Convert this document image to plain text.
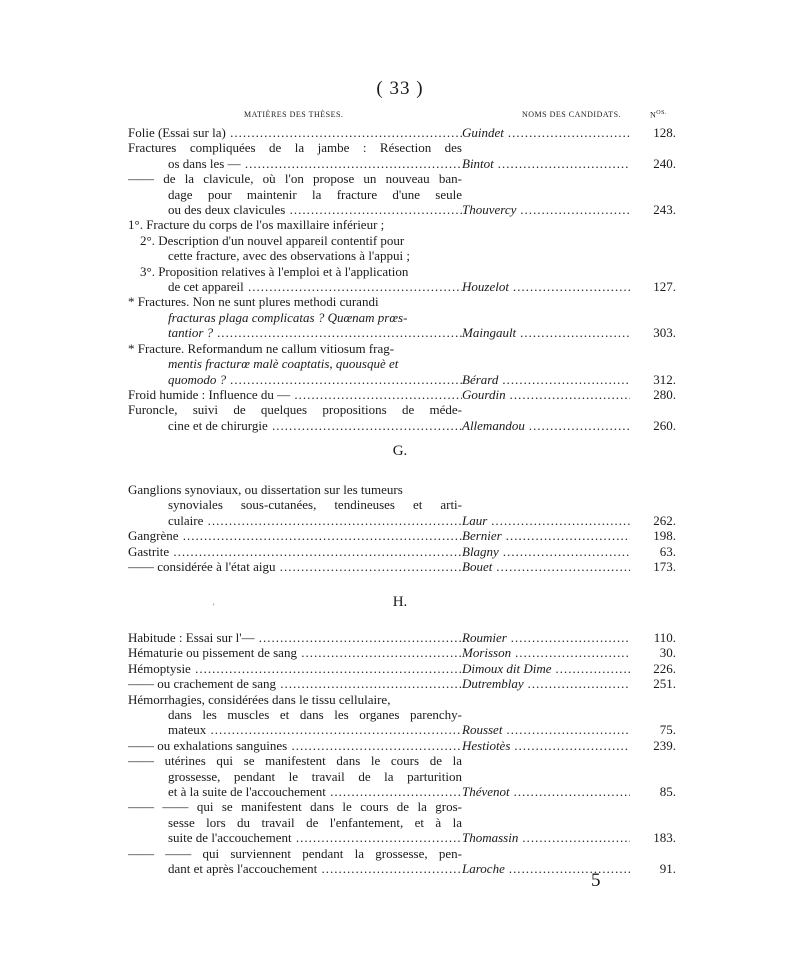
( 33 )
MATIÈRES DES THÈSES.	NOMS DES CANDIDATS.	$N^{OS.}$
Folie (Essai sur la) .....	Guindet .....	128.
Fractures compliquées de la jambe : Résection des
os dans les — .....	Bintot .....	240.
—— de la clavicule, où l'on propose un nouveau ban-
dage pour maintenir la fracture d'une seule
ou des deux clavicules .....	Thouvercy .....	243.
1°. Fracture du corps de l'os maxillaire inférieur ;
2°. Description d'un nouvel appareil contentif pour
cette fracture, avec des observations à l'appui ;
3°. Proposition relatives à l'emploi et à l'application
de cet appareil .....	Houzelot .....	127.
* Fractures. Non ne sunt plures methodi curandi
fracturas plaga complicatas ? Quœnam prœs-
tantior ? .....	Maingault .....	303.
* Fracture. Reformandum ne callum vitiosum frag-
mentis fracturœ malè coaptatis, quousquè et
quomodo ? .....	Bérard .....	312.
Froid humide : Influence du — .....	Gourdin .....	280.
Furoncle, suivi de quelques propositions de méde-
cine et de chirurgie .....	Allemandou .....	260.
G.
Ganglions synoviaux, ou dissertation sur les tumeurs
synoviales sous-cutanées, tendineuses et arti-
culaire .....	Laur .....	262.
Gangrène .....	Bernier .....	198.
Gastrite .....	Blagny .....	63.
—— considérée à l'état aigu .....	Bouet .....	173.
H.
'
Habitude : Essai sur l'— .....	Roumier .....	110.
Hématurie ou pissement de sang .....	Morisson .....	30.
Hémoptysie .....	Dimoux dit Dime .....	226.
—— ou crachement de sang .....	Dutremblay .....	251.
Hémorrhagies, considérées dans le tissu cellulaire,
dans les muscles et dans les organes parenchy-
mateux .....	Rousset .....	75.
—— ou exhalations sanguines .....	Hestiotès .....	239.
—— utérines qui se manifestent dans le cours de la
grossesse, pendant le travail de la parturition
et à la suite de l'accouchement .....	Thévenot .....	85.
—— —— qui se manifestent dans le cours de la gros-
sesse lors du travail de l'enfantement, et à la
suite de l'accouchement .....	Thomassin .....	183.
—— —— qui surviennent pendant la grossesse, pen-
dant et après l'accouchement .....	Laroche .....	91.
5
